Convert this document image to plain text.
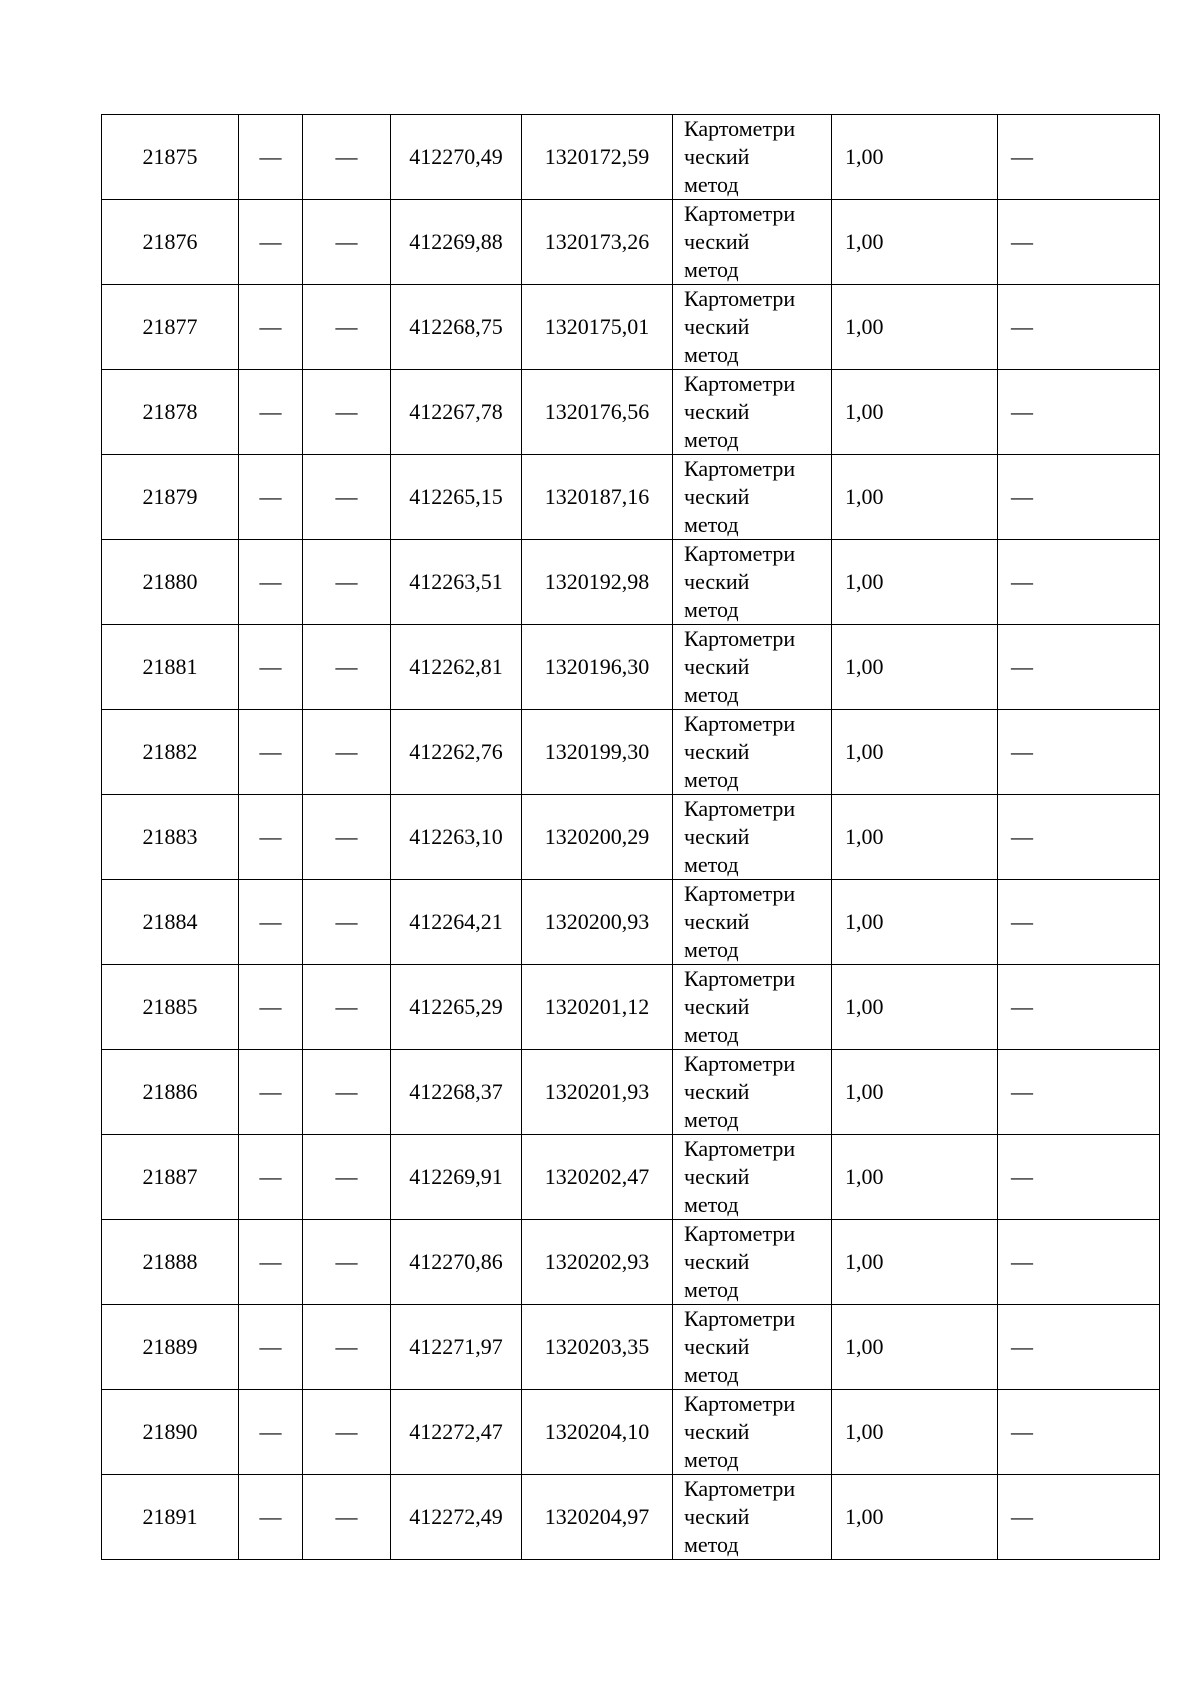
21875	—	—	412270,49	1320172,59	Картометри
ческий
метод	1,00	—
21876	—	—	412269,88	1320173,26	Картометри
ческий
метод	1,00	—
21877	—	—	412268,75	1320175,01	Картометри
ческий
метод	1,00	—
21878	—	—	412267,78	1320176,56	Картометри
ческий
метод	1,00	—
21879	—	—	412265,15	1320187,16	Картометри
ческий
метод	1,00	—
21880	—	—	412263,51	1320192,98	Картометри
ческий
метод	1,00	—
21881	—	—	412262,81	1320196,30	Картометри
ческий
метод	1,00	—
21882	—	—	412262,76	1320199,30	Картометри
ческий
метод	1,00	—
21883	—	—	412263,10	1320200,29	Картометри
ческий
метод	1,00	—
21884	—	—	412264,21	1320200,93	Картометри
ческий
метод	1,00	—
21885	—	—	412265,29	1320201,12	Картометри
ческий
метод	1,00	—
21886	—	—	412268,37	1320201,93	Картометри
ческий
метод	1,00	—
21887	—	—	412269,91	1320202,47	Картометри
ческий
метод	1,00	—
21888	—	—	412270,86	1320202,93	Картометри
ческий
метод	1,00	—
21889	—	—	412271,97	1320203,35	Картометри
ческий
метод	1,00	—
21890	—	—	412272,47	1320204,10	Картометри
ческий
метод	1,00	—
21891	—	—	412272,49	1320204,97	Картометри
ческий
метод	1,00	—
